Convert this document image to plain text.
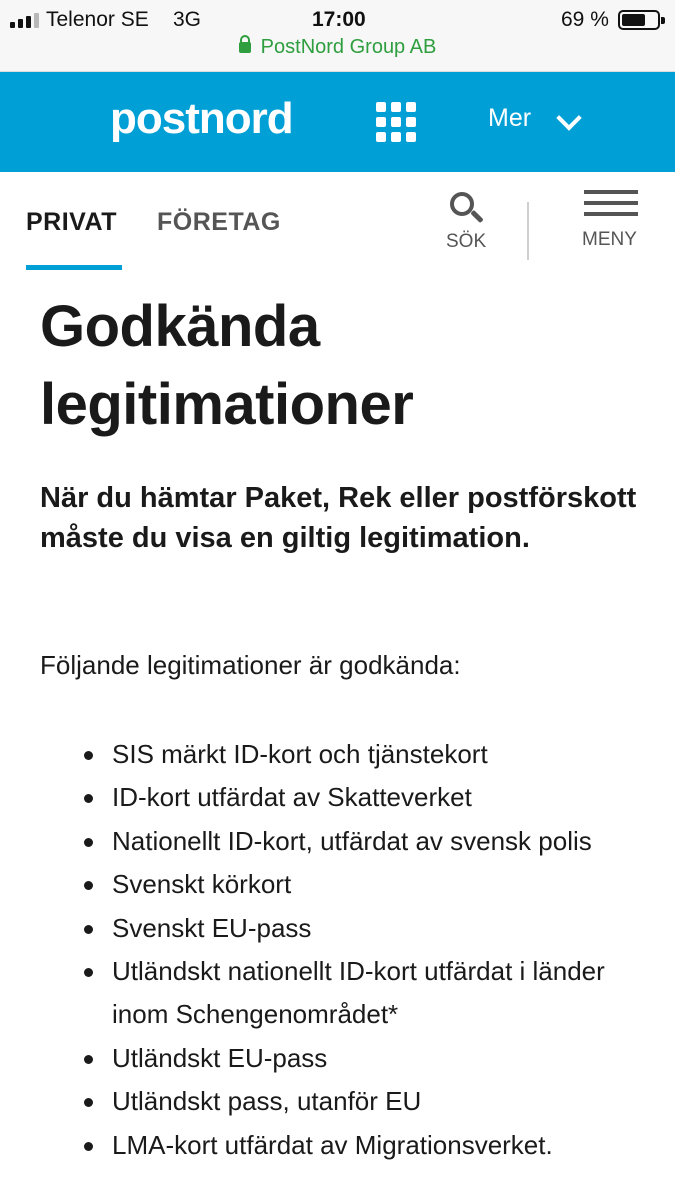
Telenor SE 3G	17:00	69 %
PostNord Group AB
postnord	Mer
PRIVAT FÖRETAG
SÖK	MENY
Godkända legitimationer

När du hämtar Paket, Rek eller postförskott måste du visa en giltig legitimation.

Följande legitimationer är godkända:

SIS märkt ID-kort och tjänstekort
ID-kort utfärdat av Skatteverket
Nationellt ID-kort, utfärdat av svensk polis
Svenskt körkort
Svenskt EU-pass
Utländskt nationellt ID-kort utfärdat i länder inom Schengenområdet*
Utländskt EU-pass
Utländskt pass, utanför EU
LMA-kort utfärdat av Migrationsverket.
